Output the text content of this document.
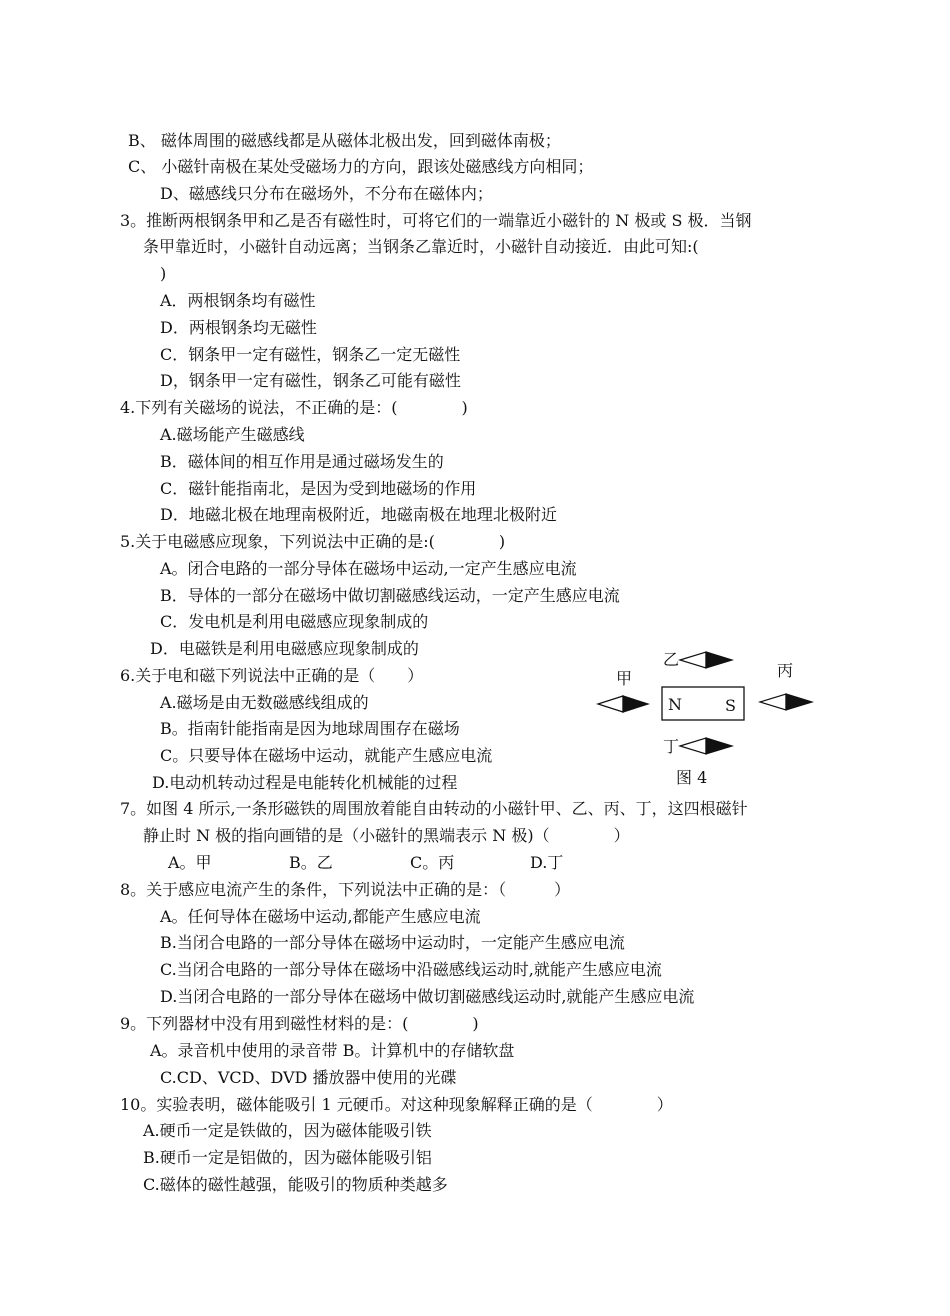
B、 磁体周围的磁感线都是从磁体北极出发，回到磁体南极；
C、 小磁针南极在某处受磁场力的方向，跟该处磁感线方向相同；
D、磁感线只分布在磁场外，不分布在磁体内；
3。推断两根钢条甲和乙是否有磁性时，可将它们的一端靠近小磁针的 N 极或 S 极．当钢
条甲靠近时，小磁针自动远离；当钢条乙靠近时，小磁针自动接近．由此可知:(
)
A．两根钢条均有磁性
D．两根钢条均无磁性
C．钢条甲一定有磁性，钢条乙一定无磁性
D，钢条甲一定有磁性，钢条乙可能有磁性
4.下列有关磁场的说法，不正确的是：(　　　　)
A.磁场能产生磁感线
B．磁体间的相互作用是通过磁场发生的
C．磁针能指南北，是因为受到地磁场的作用
D．地磁北极在地理南极附近，地磁南极在地理北极附近
5.关于电磁感应现象，下列说法中正确的是:(　　　　)
A。闭合电路的一部分导体在磁场中运动,一定产生感应电流
B．导体的一部分在磁场中做切割磁感线运动，一定产生感应电流
C．发电机是利用电磁感应现象制成的
D．电磁铁是利用电磁感应现象制成的
6.关于电和磁下列说法中正确的是（　　）
A.磁场是由无数磁感线组成的
B。指南针能指南是因为地球周围存在磁场
C。只要导体在磁场中运动，就能产生感应电流
D.电动机转动过程是电能转化机械能的过程
7。如图 4 所示,一条形磁铁的周围放着能自由转动的小磁针甲、乙、丙、丁，这四根磁针
静止时 N 极的指向画错的是（小磁针的黑端表示 N 极)（　　　　）
A。甲	B。乙	C。丙	D.丁
8。关于感应电流产生的条件，下列说法中正确的是：（　　　）
A。任何导体在磁场中运动,都能产生感应电流
B.当闭合电路的一部分导体在磁场中运动时，一定能产生感应电流
C.当闭合电路的一部分导体在磁场中沿磁感线运动时,就能产生感应电流
D.当闭合电路的一部分导体在磁场中做切割磁感线运动时,就能产生感应电流
9。下列器材中没有用到磁性材料的是：(　　　　)
A。录音机中使用的录音带 B。计算机中的存储软盘
C.CD、VCD、DVD 播放器中使用的光碟
10。实验表明，磁体能吸引 1 元硬币。对这种现象解释正确的是（　　　　）
A.硬币一定是铁做的，因为磁体能吸引铁
B.硬币一定是铝做的，因为磁体能吸引铝
C.磁体的磁性越强，能吸引的物质种类越多
乙
甲	丙
丁
N	S
图 4
